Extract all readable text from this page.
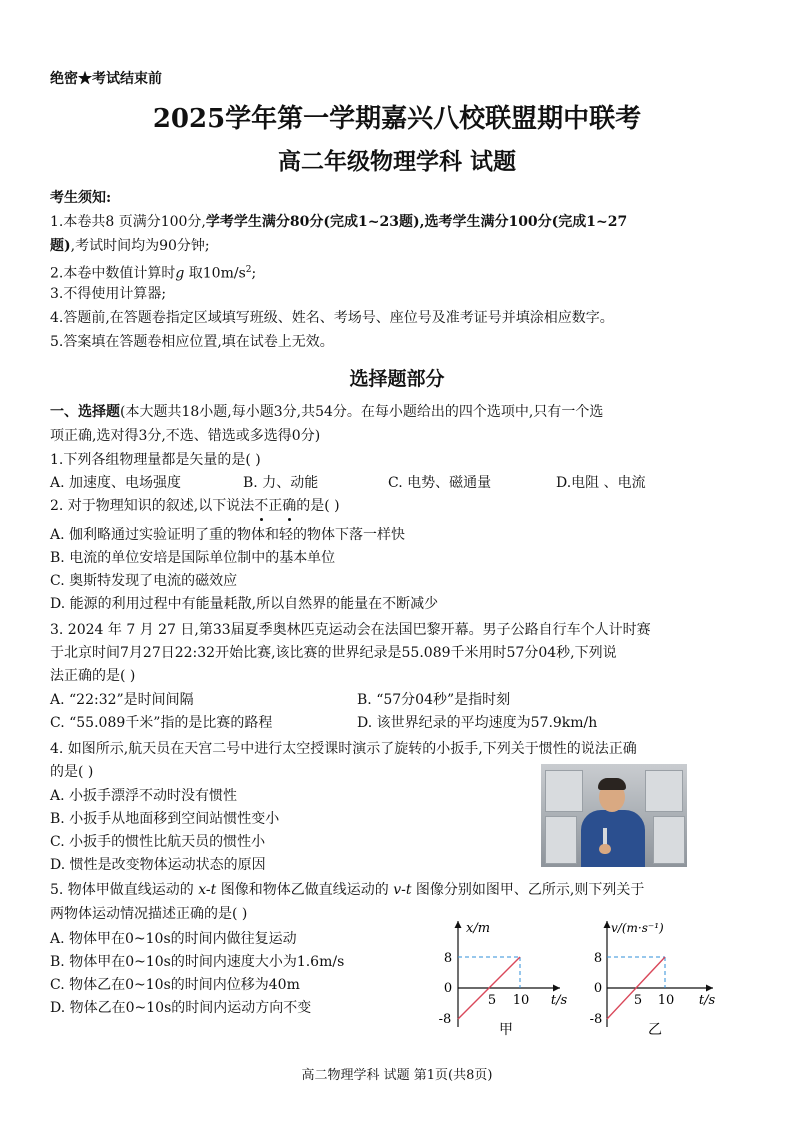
绝密★考试结束前
2025学年第一学期嘉兴八校联盟期中联考
高二年级物理学科 试题
考生须知:
1.本卷共8 页满分100分,学考学生满分80分(完成1~23题),选考学生满分100分(完成1~27
题),考试时间均为90分钟;
2.本卷中数值计算时g 取$10m/s^2$;
3.不得使用计算器;
4.答题前,在答题卷指定区域填写班级、姓名、考场号、座位号及准考证号并填涂相应数字。
5.答案填在答题卷相应位置,填在试卷上无效。
选择题部分
一、选择题(本大题共18小题,每小题3分,共54分。在每小题给出的四个选项中,只有一个选
项正确,选对得3分,不选、错选或多选得0分)
1.下列各组物理量都是矢量的是( )
A. 加速度、电场强度	B. 力、动能	C. 电势、磁通量	D.电阻 、电流
2. 对于物理知识的叙述,以下说法不正确的是( )
A. 伽利略通过实验证明了重的物体和轻的物体下落一样快
B. 电流的单位安培是国际单位制中的基本单位
C. 奥斯特发现了电流的磁效应
D. 能源的利用过程中有能量耗散,所以自然界的能量在不断减少
3. 2024 年 7 月 27 日,第33届夏季奥林匹克运动会在法国巴黎开幕。男子公路自行车个人计时赛
于北京时间7月27日22:32开始比赛,该比赛的世界纪录是55.089千米用时57分04秒,下列说
法正确的是( )
A. “22:32”是时间间隔	B. “57分04秒”是指时刻
C. “55.089千米”指的是比赛的路程	D. 该世界纪录的平均速度为57.9km/h
4. 如图所示,航天员在天宫二号中进行太空授课时演示了旋转的小扳手,下列关于惯性的说法正确
的是( )
A. 小扳手漂浮不动时没有惯性
B. 小扳手从地面移到空间站惯性变小
C. 小扳手的惯性比航天员的惯性小
D. 惯性是改变物体运动状态的原因
5. 物体甲做直线运动的 x-t 图像和物体乙做直线运动的 v-t 图像分别如图甲、乙所示,则下列关于
两物体运动情况描述正确的是( )
A. 物体甲在0~10s的时间内做往复运动
B. 物体甲在0~10s的时间内速度大小为1.6m/s
C. 物体乙在0~10s的时间内位移为40m
D. 物体乙在0~10s的时间内运动方向不变
x/m
8
0
-8
5 10 t/s
甲
v/(m·s⁻¹)
8
0
-8
5 10 t/s
乙
高二物理学科 试题 第1页(共8页)
